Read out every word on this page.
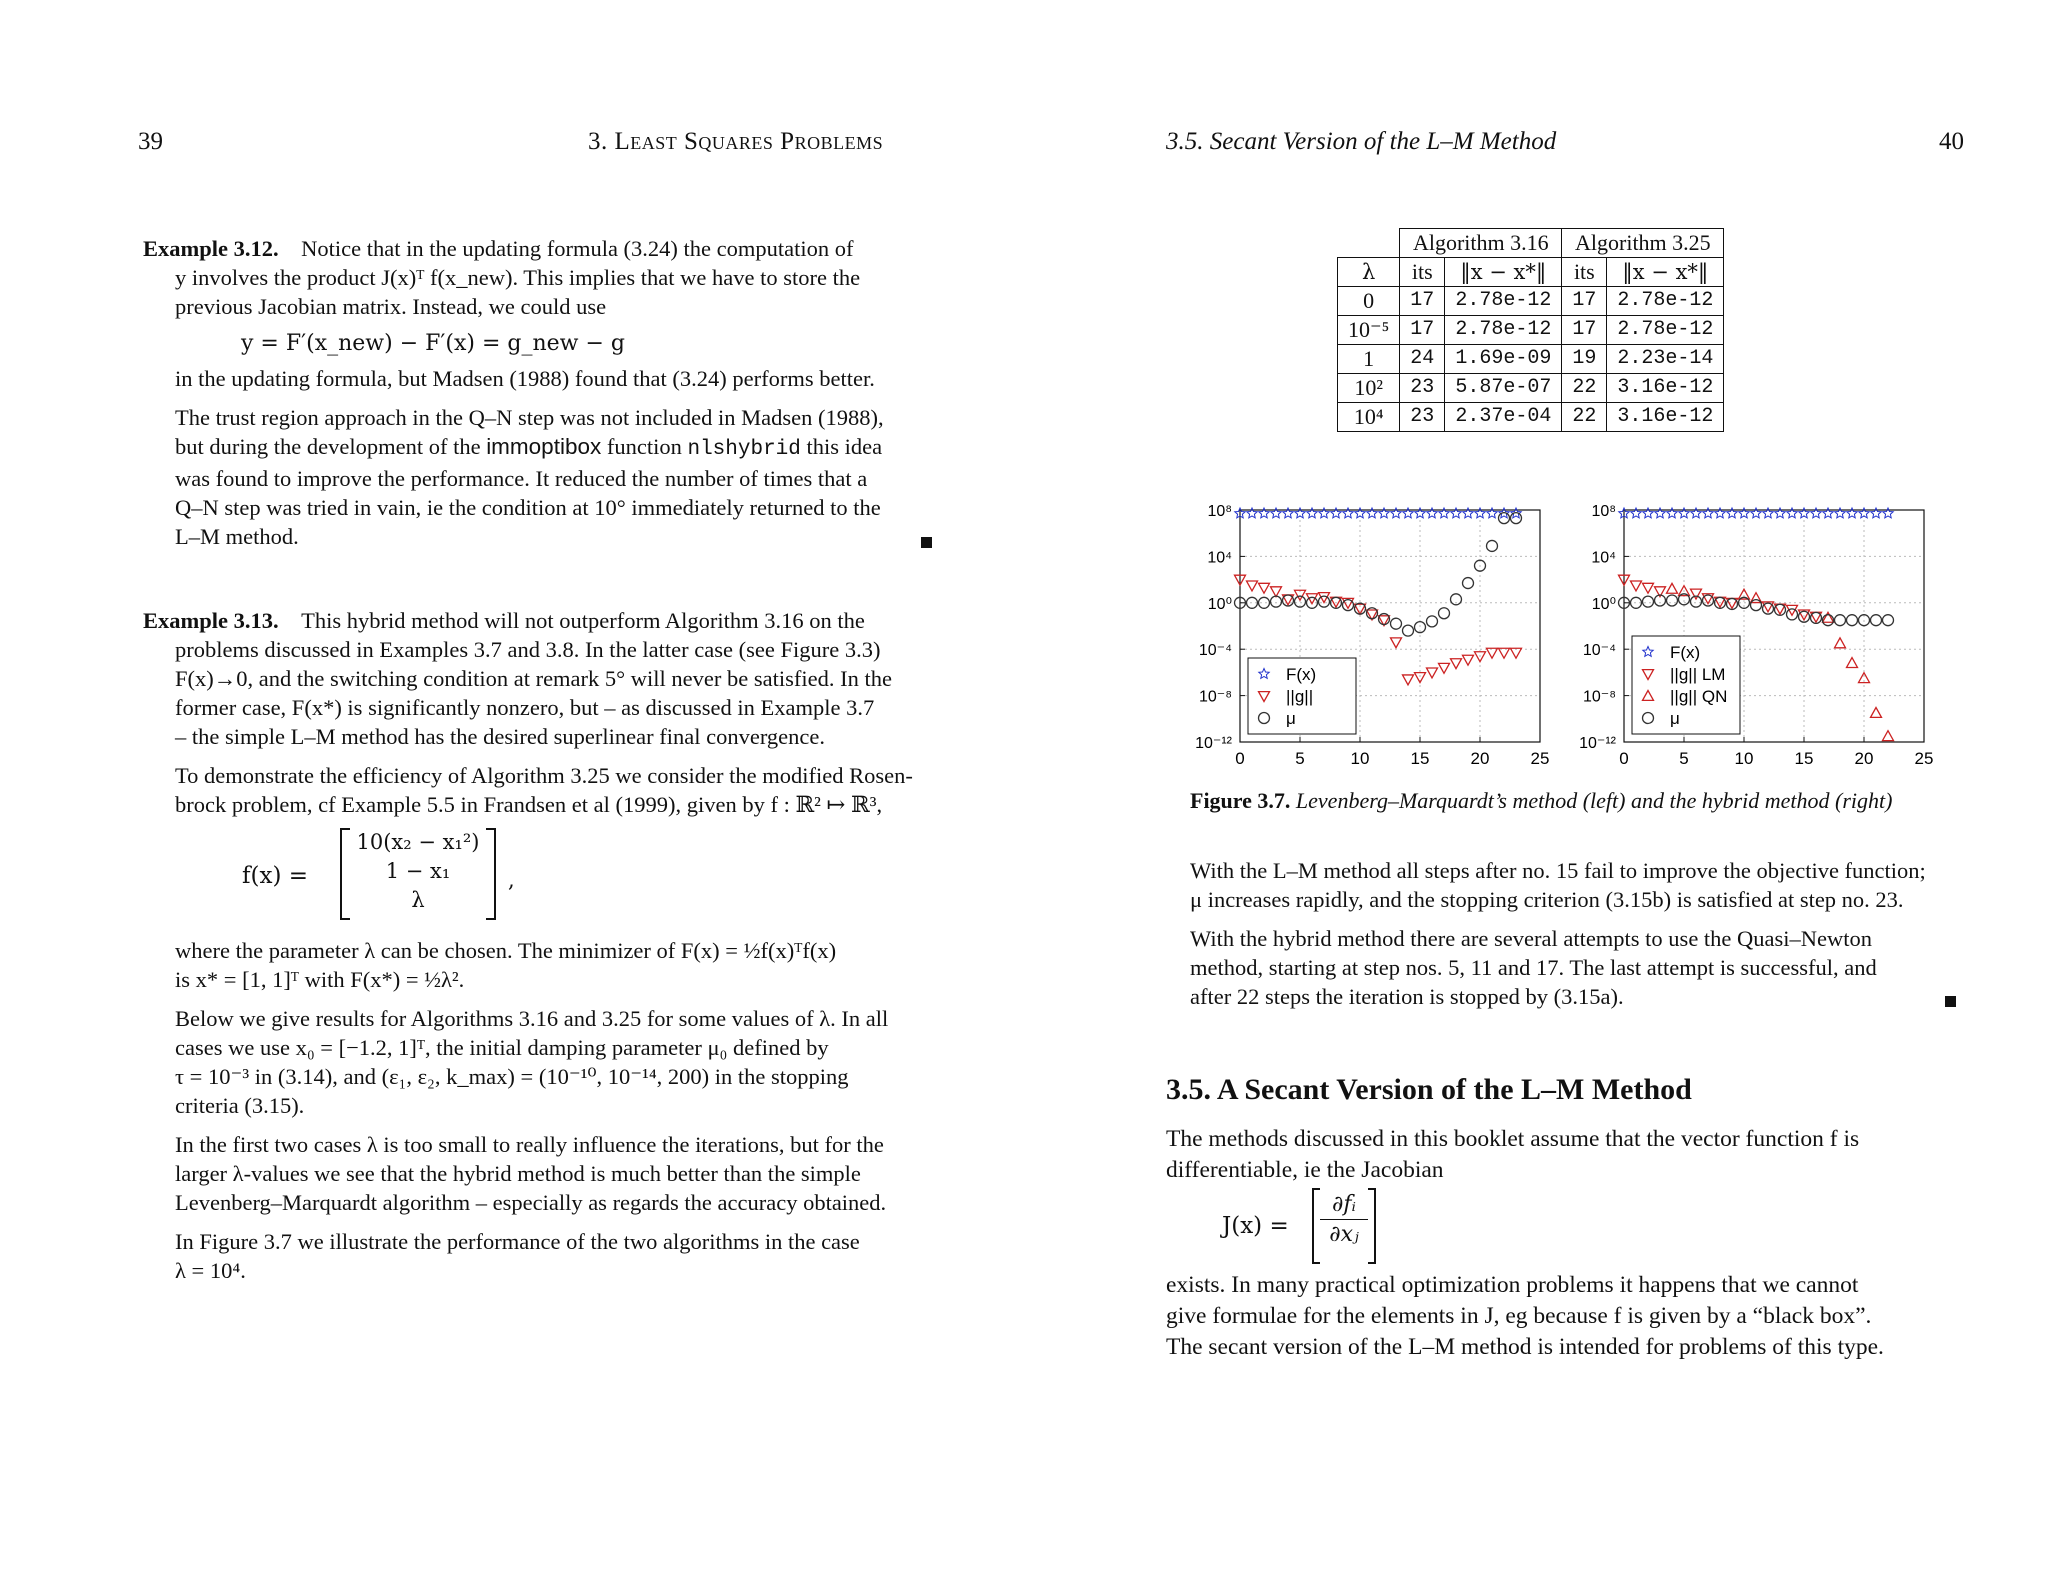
39	3. Least Squares Problems
Example 3.12. Notice that in the updating formula (3.24) the computation of
y involves the product J(x)ᵀ f(x_new). This implies that we have to store the
previous Jacobian matrix. Instead, we could use
y = F′(x_new) − F′(x) = g_new − g
in the updating formula, but Madsen (1988) found that (3.24) performs better.
The trust region approach in the Q–N step was not included in Madsen (1988),
but during the development of the immoptibox function nlshybrid this idea
was found to improve the performance. It reduced the number of times that a
Q–N step was tried in vain, ie the condition at 10° immediately returned to the
L–M method.
Example 3.13. This hybrid method will not outperform Algorithm 3.16 on the
problems discussed in Examples 3.7 and 3.8. In the latter case (see Figure 3.3)
F(x)→0, and the switching condition at remark 5° will never be satisfied. In the
former case, F(x*) is significantly nonzero, but – as discussed in Example 3.7
– the simple L–M method has the desired superlinear final convergence.
To demonstrate the efficiency of Algorithm 3.25 we consider the modified Rosen-
brock problem, cf Example 5.5 in Frandsen et al (1999), given by f : ℝ² ↦ ℝ³,
f(x) =
10(x₂ − x₁²)
1 − x₁
λ
,
where the parameter λ can be chosen. The minimizer of F(x) = ½f(x)ᵀf(x)
is x* = [1, 1]ᵀ with F(x*) = ½λ².
Below we give results for Algorithms 3.16 and 3.25 for some values of λ. In all
cases we use x₀ = [−1.2, 1]ᵀ, the initial damping parameter μ₀ defined by
τ = 10⁻³ in (3.14), and (ε₁, ε₂, k_max) = (10⁻¹⁰, 10⁻¹⁴, 200) in the stopping
criteria (3.15).
In the first two cases λ is too small to really influence the iterations, but for the
larger λ-values we see that the hybrid method is much better than the simple
Levenberg–Marquardt algorithm – especially as regards the accuracy obtained.
In Figure 3.7 we illustrate the performance of the two algorithms in the case
λ = 10⁴.
3.5. Secant Version of the L–M Method	40
	Algorithm 3.16		Algorithm 3.25	
λ	its	‖x − x*‖	its	‖x − x*‖
0	17	2.78e-12	17	2.78e-12
10⁻⁵	17	2.78e-12	17	2.78e-12
1	24	1.69e-09	19	2.23e-14
10²	23	5.87e-07	22	3.16e-12
10⁴	23	2.37e-04	22	3.16e-12
0	5	10 15 20 25
10⁸
10⁴
10⁰
10⁻⁴
10⁻⁸
10⁻¹²
F(x)
||g||
μ
0	5	10 15 20 25
10⁸
10⁴
10⁰
10⁻⁴
10⁻⁸
10⁻¹²
F(x)
||g|| LM
||g|| QN
μ
Figure 3.7. Levenberg–Marquardt’s method (left) and the hybrid method (right)
With the L–M method all steps after no. 15 fail to improve the objective function;
μ increases rapidly, and the stopping criterion (3.15b) is satisfied at step no. 23.
With the hybrid method there are several attempts to use the Quasi–Newton
method, starting at step nos. 5, 11 and 17. The last attempt is successful, and
after 22 steps the iteration is stopped by (3.15a).
3.5. A Secant Version of the L–M Method
The methods discussed in this booklet assume that the vector function f is
differentiable, ie the Jacobian
J(x) =
∂fᵢ
∂xⱼ
exists. In many practical optimization problems it happens that we cannot
give formulae for the elements in J, eg because f is given by a “black box”.
The secant version of the L–M method is intended for problems of this type.
